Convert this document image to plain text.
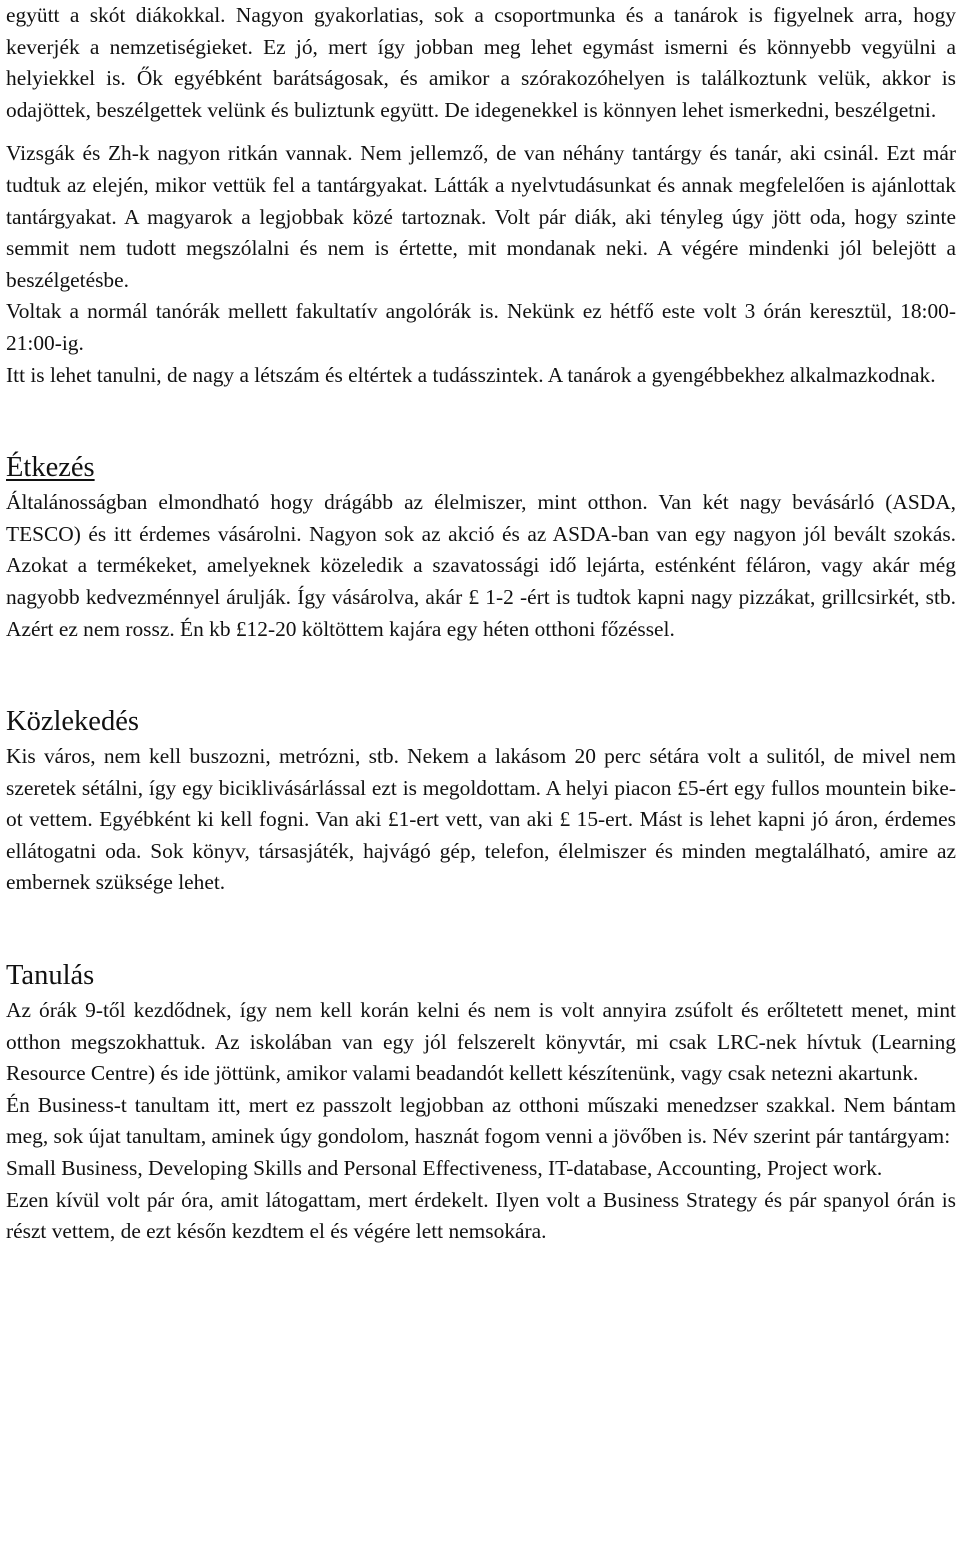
együtt a skót diákokkal. Nagyon gyakorlatias, sok a csoportmunka és a tanárok is figyelnek arra, hogy keverjék a nemzetiségieket. Ez jó, mert így jobban meg lehet egymást ismerni és könnyebb vegyülni a helyiekkel is. Ők egyébként barátságosak, és amikor a szórakozóhelyen is találkoztunk velük, akkor is odajöttek, beszélgettek velünk és buliztunk együtt. De idegenekkel is könnyen lehet ismerkedni, beszélgetni.

Vizsgák és Zh-k nagyon ritkán vannak. Nem jellemző, de van néhány tantárgy és tanár, aki csinál. Ezt már tudtuk az elején, mikor vettük fel a tantárgyakat. Látták a nyelvtudásunkat és annak megfelelően is ajánlottak tantárgyakat. A magyarok a legjobbak közé tartoznak. Volt pár diák, aki tényleg úgy jött oda, hogy szinte semmit nem tudott megszólalni és nem is értette, mit mondanak neki. A végére mindenki jól belejött a beszélgetésbe.

Voltak a normál tanórák mellett fakultatív angolórák is. Nekünk ez hétfő este volt 3 órán keresztül, 18:00-21:00-ig.

Itt is lehet tanulni, de nagy a létszám és eltértek a tudásszintek. A tanárok a gyengébbekhez alkalmazkodnak.

Étkezés

Általánosságban elmondható hogy drágább az élelmiszer, mint otthon. Van két nagy bevásárló (ASDA, TESCO) és itt érdemes vásárolni. Nagyon sok az akció és az ASDA-ban van egy nagyon jól bevált szokás. Azokat a termékeket, amelyeknek közeledik a szavatossági idő lejárta, esténként féláron, vagy akár még nagyobb kedvezménnyel árulják. Így vásárolva, akár £ 1-2 -ért is tudtok kapni nagy pizzákat, grillcsirkét, stb. Azért ez nem rossz. Én kb £12-20 költöttem kajára egy héten otthoni főzéssel.

Közlekedés

Kis város, nem kell buszozni, metrózni, stb. Nekem a lakásom 20 perc sétára volt a sulitól, de mivel nem szeretek sétálni, így egy biciklivásárlással ezt is megoldottam. A helyi piacon £5-ért egy fullos mountein bike-ot vettem. Egyébként ki kell fogni. Van aki £1-ert vett, van aki £ 15-ert. Mást is lehet kapni jó áron, érdemes ellátogatni oda. Sok könyv, társasjáték, hajvágó gép, telefon, élelmiszer és minden megtalálható, amire az embernek szüksége lehet.

Tanulás

Az órák 9-től kezdődnek, így nem kell korán kelni és nem is volt annyira zsúfolt és erőltetett menet, mint otthon megszokhattuk. Az iskolában van egy jól felszerelt könyvtár, mi csak LRC-nek hívtuk (Learning Resource Centre) és ide jöttünk, amikor valami beadandót kellett készítenünk, vagy csak netezni akartunk.

Én Business-t tanultam itt, mert ez passzolt legjobban az otthoni műszaki menedzser szakkal. Nem bántam meg, sok újat tanultam, aminek úgy gondolom, hasznát fogom venni a jövőben is. Név szerint pár tantárgyam:

Small Business, Developing Skills and Personal Effectiveness, IT-database, Accounting, Project work.

Ezen kívül volt pár óra, amit látogattam, mert érdekelt. Ilyen volt a Business Strategy és pár spanyol órán is részt vettem, de ezt későn kezdtem el és végére lett nemsokára.
